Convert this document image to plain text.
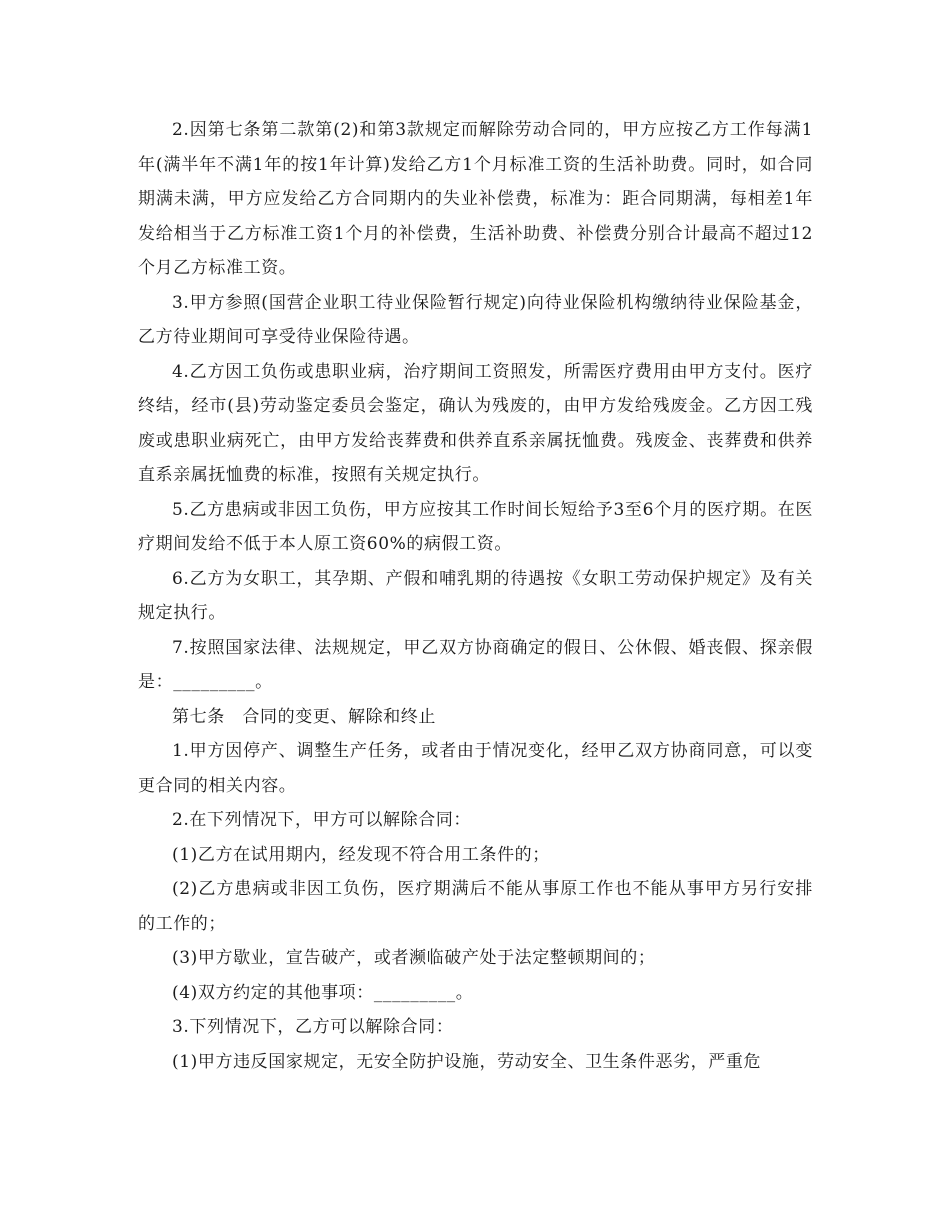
2.因第七条第二款第(2)和第3款规定而解除劳动合同的，甲方应按乙方工作每满1年(满半年不满1年的按1年计算)发给乙方1个月标准工资的生活补助费。同时，如合同期满未满，甲方应发给乙方合同期内的失业补偿费，标准为：距合同期满，每相差1年发给相当于乙方标准工资1个月的补偿费，生活补助费、补偿费分别合计最高不超过12个月乙方标准工资。

3.甲方参照(国营企业职工待业保险暂行规定)向待业保险机构缴纳待业保险基金，乙方待业期间可享受待业保险待遇。

4.乙方因工负伤或患职业病，治疗期间工资照发，所需医疗费用由甲方支付。医疗终结，经市(县)劳动鉴定委员会鉴定，确认为残废的，由甲方发给残废金。乙方因工残废或患职业病死亡，由甲方发给丧葬费和供养直系亲属抚恤费。残废金、丧葬费和供养直系亲属抚恤费的标准，按照有关规定执行。

5.乙方患病或非因工负伤，甲方应按其工作时间长短给予3至6个月的医疗期。在医疗期间发给不低于本人原工资60%的病假工资。

6.乙方为女职工，其孕期、产假和哺乳期的待遇按《女职工劳动保护规定》及有关规定执行。

7.按照国家法律、法规规定，甲乙双方协商确定的假日、公休假、婚丧假、探亲假是：_________。

第七条　合同的变更、解除和终止

1.甲方因停产、调整生产任务，或者由于情况变化，经甲乙双方协商同意，可以变更合同的相关内容。

2.在下列情况下，甲方可以解除合同：

(1)乙方在试用期内，经发现不符合用工条件的；

(2)乙方患病或非因工负伤，医疗期满后不能从事原工作也不能从事甲方另行安排的工作的；

(3)甲方歇业，宣告破产，或者濒临破产处于法定整顿期间的；

(4)双方约定的其他事项：_________。

3.下列情况下，乙方可以解除合同：

(1)甲方违反国家规定，无安全防护设施，劳动安全、卫生条件恶劣，严重危
